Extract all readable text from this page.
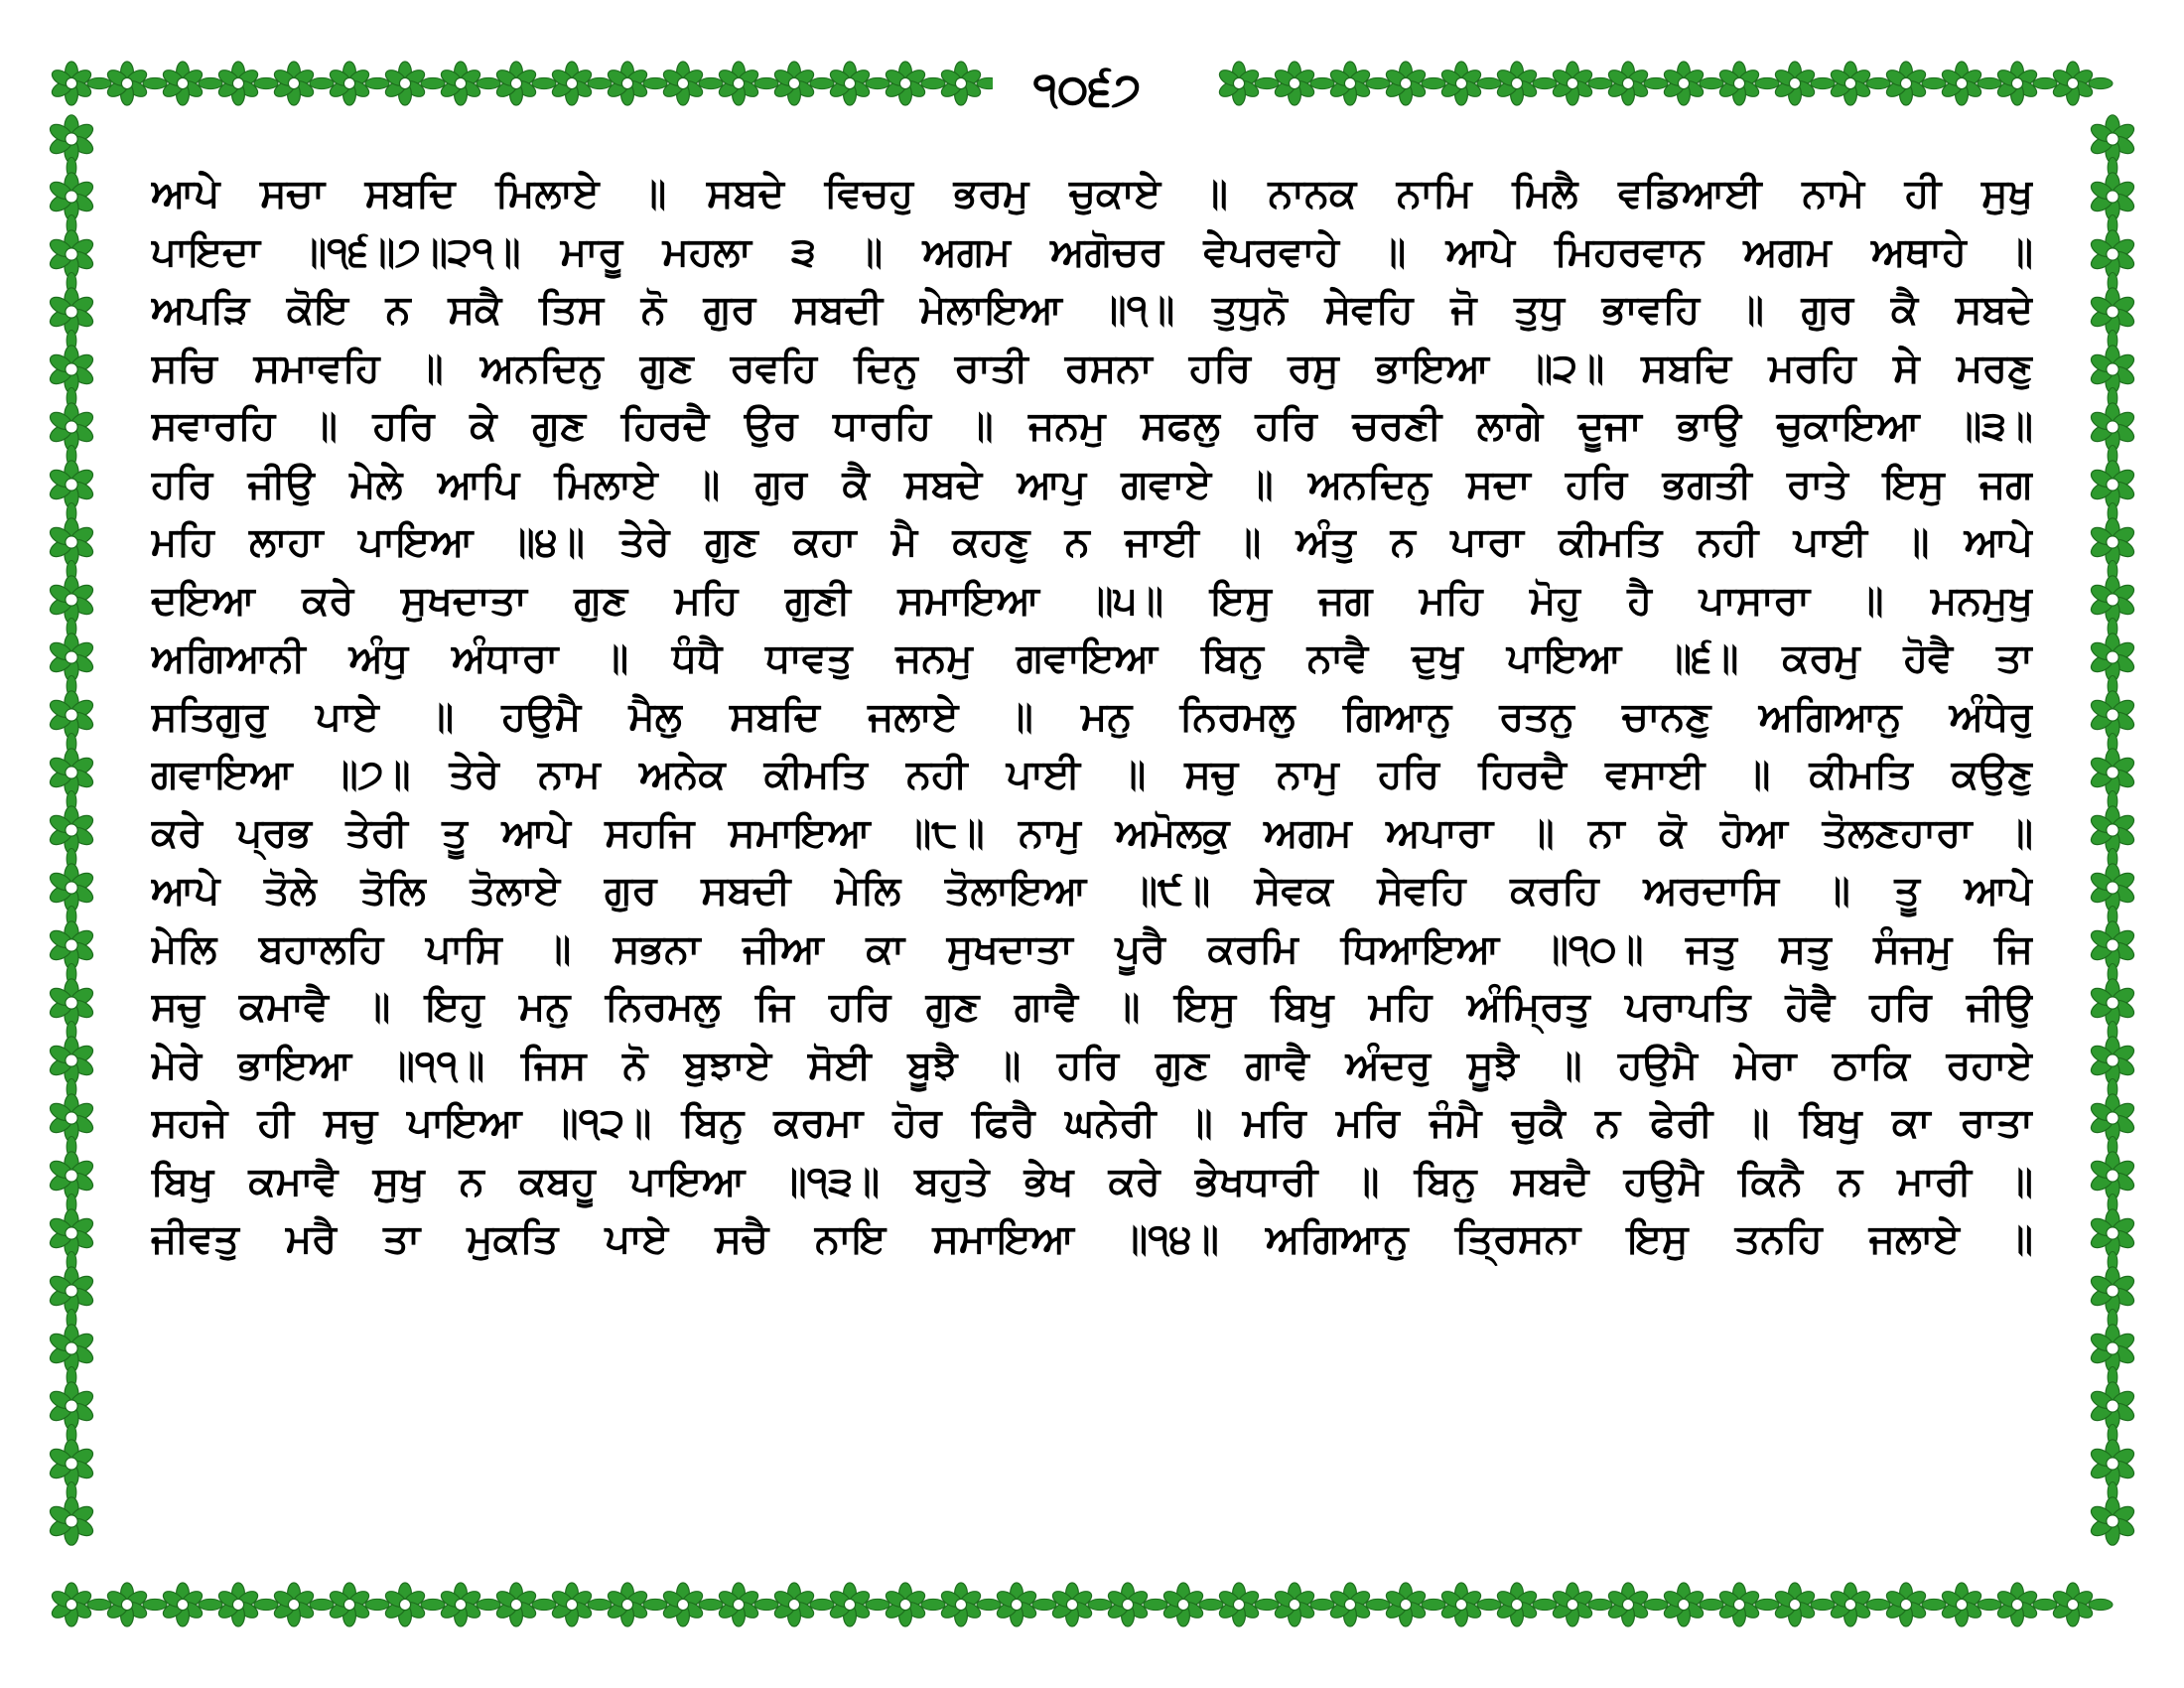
੧੦੬੭
ਆਪੇ ਸਚਾ ਸਬਦਿ ਮਿਲਾਏ ॥ ਸਬਦੇ ਵਿਚਹੁ ਭਰਮੁ ਚੁਕਾਏ ॥ ਨਾਨਕ ਨਾਮਿ ਮਿਲੈ ਵਡਿਆਈ ਨਾਮੇ ਹੀ ਸੁਖੁ
ਪਾਇਦਾ ॥੧੬॥੭॥੨੧॥ ਮਾਰੂ ਮਹਲਾ ੩ ॥ ਅਗਮ ਅਗੋਚਰ ਵੇਪਰਵਾਹੇ ॥ ਆਪੇ ਮਿਹਰਵਾਨ ਅਗਮ ਅਥਾਹੇ ॥
ਅਪੜਿ ਕੋਇ ਨ ਸਕੈ ਤਿਸ ਨੋ ਗੁਰ ਸਬਦੀ ਮੇਲਾਇਆ ॥੧॥ ਤੁਧੁਨੋ ਸੇਵਹਿ ਜੋ ਤੁਧੁ ਭਾਵਹਿ ॥ ਗੁਰ ਕੈ ਸਬਦੇ
ਸਚਿ ਸਮਾਵਹਿ ॥ ਅਨਦਿਨੁ ਗੁਣ ਰਵਹਿ ਦਿਨੁ ਰਾਤੀ ਰਸਨਾ ਹਰਿ ਰਸੁ ਭਾਇਆ ॥੨॥ ਸਬਦਿ ਮਰਹਿ ਸੇ ਮਰਣੁ
ਸਵਾਰਹਿ ॥ ਹਰਿ ਕੇ ਗੁਣ ਹਿਰਦੈ ਉਰ ਧਾਰਹਿ ॥ ਜਨਮੁ ਸਫਲੁ ਹਰਿ ਚਰਣੀ ਲਾਗੇ ਦੂਜਾ ਭਾਉ ਚੁਕਾਇਆ ॥੩॥
ਹਰਿ ਜੀਉ ਮੇਲੇ ਆਪਿ ਮਿਲਾਏ ॥ ਗੁਰ ਕੈ ਸਬਦੇ ਆਪੁ ਗਵਾਏ ॥ ਅਨਦਿਨੁ ਸਦਾ ਹਰਿ ਭਗਤੀ ਰਾਤੇ ਇਸੁ ਜਗ
ਮਹਿ ਲਾਹਾ ਪਾਇਆ ॥੪॥ ਤੇਰੇ ਗੁਣ ਕਹਾ ਮੈ ਕਹਣੁ ਨ ਜਾਈ ॥ ਅੰਤੁ ਨ ਪਾਰਾ ਕੀਮਤਿ ਨਹੀ ਪਾਈ ॥ ਆਪੇ
ਦਇਆ ਕਰੇ ਸੁਖਦਾਤਾ ਗੁਣ ਮਹਿ ਗੁਣੀ ਸਮਾਇਆ ॥੫॥ ਇਸੁ ਜਗ ਮਹਿ ਮੋਹੁ ਹੈ ਪਾਸਾਰਾ ॥ ਮਨਮੁਖੁ
ਅਗਿਆਨੀ ਅੰਧੁ ਅੰਧਾਰਾ ॥ ਧੰਧੈ ਧਾਵਤੁ ਜਨਮੁ ਗਵਾਇਆ ਬਿਨੁ ਨਾਵੈ ਦੁਖੁ ਪਾਇਆ ॥੬॥ ਕਰਮੁ ਹੋਵੈ ਤਾ
ਸਤਿਗੁਰੁ ਪਾਏ ॥ ਹਉਮੈ ਮੈਲੁ ਸਬਦਿ ਜਲਾਏ ॥ ਮਨੁ ਨਿਰਮਲੁ ਗਿਆਨੁ ਰਤਨੁ ਚਾਨਣੁ ਅਗਿਆਨੁ ਅੰਧੇਰੁ
ਗਵਾਇਆ ॥੭॥ ਤੇਰੇ ਨਾਮ ਅਨੇਕ ਕੀਮਤਿ ਨਹੀ ਪਾਈ ॥ ਸਚੁ ਨਾਮੁ ਹਰਿ ਹਿਰਦੈ ਵਸਾਈ ॥ ਕੀਮਤਿ ਕਉਣੁ
ਕਰੇ ਪ੍ਰਭ ਤੇਰੀ ਤੂ ਆਪੇ ਸਹਜਿ ਸਮਾਇਆ ॥੮॥ ਨਾਮੁ ਅਮੋਲਕੁ ਅਗਮ ਅਪਾਰਾ ॥ ਨਾ ਕੋ ਹੋਆ ਤੋਲਣਹਾਰਾ ॥
ਆਪੇ ਤੋਲੇ ਤੋਲਿ ਤੋਲਾਏ ਗੁਰ ਸਬਦੀ ਮੇਲਿ ਤੋਲਾਇਆ ॥੯॥ ਸੇਵਕ ਸੇਵਹਿ ਕਰਹਿ ਅਰਦਾਸਿ ॥ ਤੂ ਆਪੇ
ਮੇਲਿ ਬਹਾਲਹਿ ਪਾਸਿ ॥ ਸਭਨਾ ਜੀਆ ਕਾ ਸੁਖਦਾਤਾ ਪੂਰੈ ਕਰਮਿ ਧਿਆਇਆ ॥੧੦॥ ਜਤੁ ਸਤੁ ਸੰਜਮੁ ਜਿ
ਸਚੁ ਕਮਾਵੈ ॥ ਇਹੁ ਮਨੁ ਨਿਰਮਲੁ ਜਿ ਹਰਿ ਗੁਣ ਗਾਵੈ ॥ ਇਸੁ ਬਿਖੁ ਮਹਿ ਅੰਮ੍ਰਿਤੁ ਪਰਾਪਤਿ ਹੋਵੈ ਹਰਿ ਜੀਉ
ਮੇਰੇ ਭਾਇਆ ॥੧੧॥ ਜਿਸ ਨੋ ਬੁਝਾਏ ਸੋਈ ਬੂਝੈ ॥ ਹਰਿ ਗੁਣ ਗਾਵੈ ਅੰਦਰੁ ਸੂਝੈ ॥ ਹਉਮੈ ਮੇਰਾ ਠਾਕਿ ਰਹਾਏ
ਸਹਜੇ ਹੀ ਸਚੁ ਪਾਇਆ ॥੧੨॥ ਬਿਨੁ ਕਰਮਾ ਹੋਰ ਫਿਰੈ ਘਨੇਰੀ ॥ ਮਰਿ ਮਰਿ ਜੰਮੈ ਚੁਕੈ ਨ ਫੇਰੀ ॥ ਬਿਖੁ ਕਾ ਰਾਤਾ
ਬਿਖੁ ਕਮਾਵੈ ਸੁਖੁ ਨ ਕਬਹੂ ਪਾਇਆ ॥੧੩॥ ਬਹੁਤੇ ਭੇਖ ਕਰੇ ਭੇਖਧਾਰੀ ॥ ਬਿਨੁ ਸਬਦੈ ਹਉਮੈ ਕਿਨੈ ਨ ਮਾਰੀ ॥
ਜੀਵਤੁ ਮਰੈ ਤਾ ਮੁਕਤਿ ਪਾਏ ਸਚੈ ਨਾਇ ਸਮਾਇਆ ॥੧੪॥ ਅਗਿਆਨੁ ਤ੍ਰਿਸਨਾ ਇਸੁ ਤਨਹਿ ਜਲਾਏ ॥
